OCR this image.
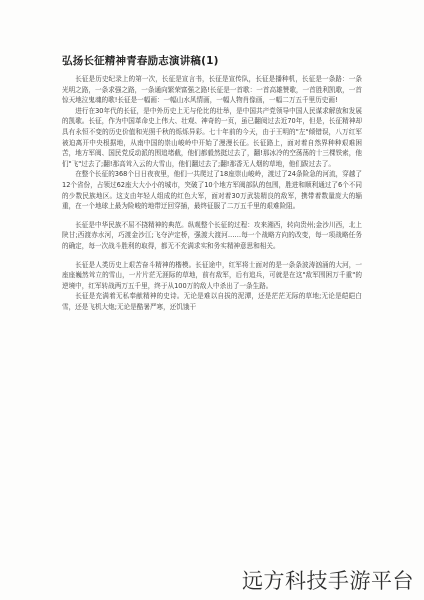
弘扬长征精神青春励志演讲稿(1)

长征是历史纪录上的第一次，长征是宣言书，长征是宣传队，长征是播种机，长征是一条路：一条光明之路，一条求强之路，一条通向繁荣富强之路!长征是一首歌：一首高雄赞歌，一首胜利凯歌，一首惊天地泣鬼魂的歌!长征是一幅画：一幅山水风情画，一幅人物肖像画，一幅二万五千里历史画!

进行在30年代的长征，是中外历史上无与伦比的壮举，是中国共产党领导中国人民谋求解放和发展的凯歌。长征，作为中国革命史上伟大、壮观、神奇的一页，虽已翻阅过去近70年，但是，长征精神却具有永恒不变的历史价值和光照千秋的烁烁异彩。七十年前的今天，由于王明的"左"倾错误，八万红军被迫离开中央根据地，从南中国的崇山峻岭中开始了漫漫长征。长征路上，面对着自然界种种艰难困苦，地方军阀、国民党反动派的围追堵截，他们都毅然挺过去了，翻!那冰冷的空荡荡的十三棵铁索，他们"飞"过去了;翻!那高耸入云的大雪山，他们翻过去了;翻!那香无人烟的草地，他们跋过去了。

在整个长征的368个日日夜夜里，他们一共爬过了18座崇山峻岭，渡过了24条险急的河流，穿越了12个省份，占领过62座大大小小的城市，突破了10个地方军阀部队的包围，胜进和顺利通过了6个不同的少数民族地区。这支由年轻人组成的红色大军，面对着30万武装精良的敌军，携带着数量庞大的辎重，在一个地球上最为险峻的地带迂回穿插，最终征服了二万五千里的艰难险阻。

长征是中华民族不屈不挠精神的典范。纵观整个长征的过程：攻来湘西，转向贵州;金沙川西，北上陕甘;西渡赤水河，巧渡金沙江;飞夺泸定桥，强渡大渡河……每一个战略方向的改变，每一项战略任务的确定，每一次战斗胜利的取得，都无不充满求实和务实精神意思和相关。

长征是人类历史上艰苦奋斗精神的楷模。长征途中，红军将士面对的是一条条波涛汹涌的大河，一座座巍然耸立的雪山，一片片茫无涯际的草地，前有敌军，后有追兵，可就是在这"敌军围困万千重"的逆境中，红军转战两万五千里，终于从100万的敌人中杀出了一条生路。

长征是充满着无私奉献精神的史诗。无论是难以自拔的泥潭，还是茫茫无际的草地;无论是皑皑白雪，还是飞机大炮;无论是酷暑严寒，还饥饿干

远方科技手游平台
